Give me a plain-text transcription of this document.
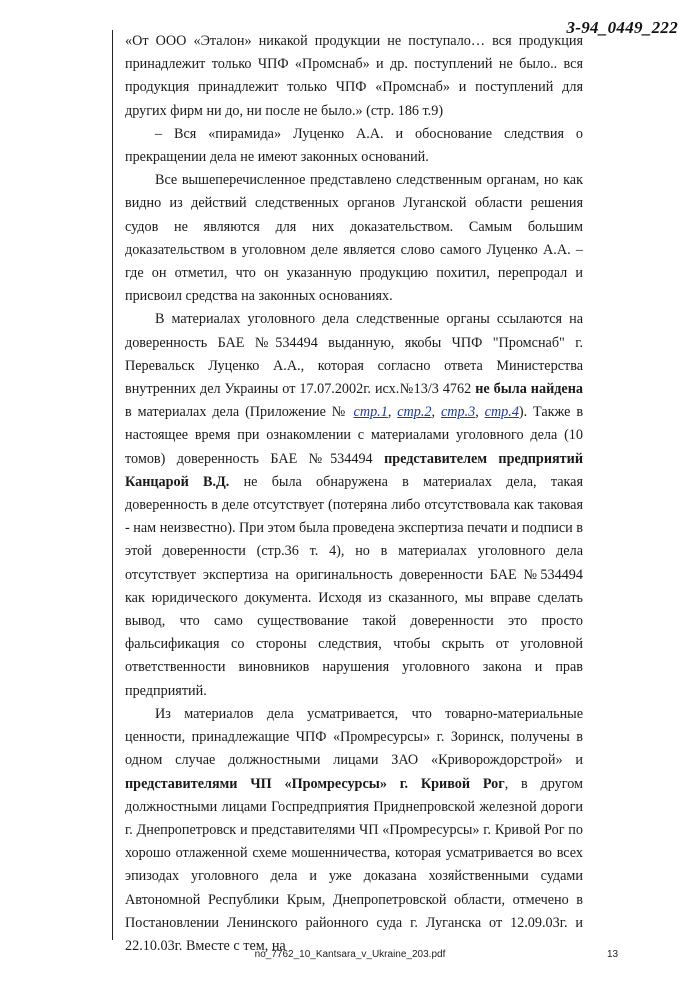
3-94_0449_222

«От ООО «Эталон» никакой продукции не поступало… вся продукция принадлежит только ЧПФ «Промснаб» и др. поступлений не было.. вся продукция принадлежит только ЧПФ «Промснаб» и поступлений для других фирм ни до, ни после не было.» (стр. 186 т.9)

– Вся «пирамида» Луценко А.А. и обоснование следствия о прекращении дела не имеют законных оснований.

Все вышеперечисленное представлено следственным органам, но как видно из действий следственных органов Луганской области решения судов не являются для них доказательством. Самым большим доказательством в уголовном деле является слово самого Луценко А.А. – где он отметил, что он указанную продукцию похитил, перепродал и присвоил средства на законных основаниях.

В материалах уголовного дела следственные органы ссылаются на доверенность БАЕ №534494 выданную, якобы ЧПФ "Промснаб" г. Перевальск Луценко А.А., которая согласно ответа Министерства внутренних дел Украины от 17.07.2002г. исх.№13/3 4762 не была найдена в материалах дела (Приложение № стр.1, стр.2, стр.3, стр.4). Также в настоящее время при ознакомлении с материалами уголовного дела (10 томов) доверенность БАЕ №534494 представителем предприятий Канцарой В.Д. не была обнаружена в материалах дела, такая доверенность в деле отсутствует (потеряна либо отсутствовала как таковая - нам неизвестно). При этом была проведена экспертиза печати и подписи в этой доверенности (стр.36 т. 4), но в материалах уголовного дела отсутствует экспертиза на оригинальность доверенности БАЕ №534494 как юридического документа. Исходя из сказанного, мы вправе сделать вывод, что само существование такой доверенности это просто фальсификация со стороны следствия, чтобы скрыть от уголовной ответственности виновников нарушения уголовного закона и прав предприятий.

Из материалов дела усматривается, что товарно-материальные ценности, принадлежащие ЧПФ «Промресурсы» г. Зоринск, получены в одном случае должностными лицами ЗАО «Криворождорстрой» и представителями ЧП «Промресурсы» г. Кривой Рог, в другом должностными лицами Госпредприятия Приднепровской железной дороги г. Днепропетровск и представителями ЧП «Промресурсы» г. Кривой Рог по хорошо отлаженной схеме мошенничества, которая усматривается во всех эпизодах уголовного дела и уже доказана хозяйственными судами Автономной Республики Крым, Днепропетровской области, отмечено в Постановлении Ленинского районного суда г. Луганска от 12.09.03г. и 22.10.03г. Вместе с тем, на

no_7762_10_Kantsara_v_Ukraine_203.pdf	13
